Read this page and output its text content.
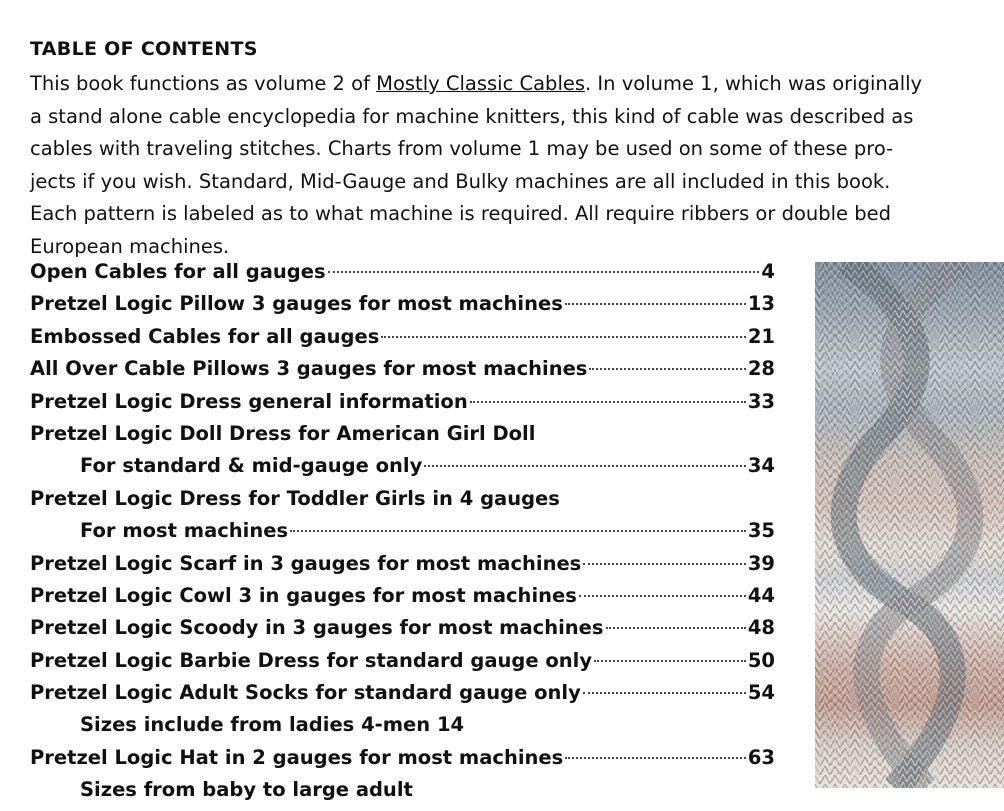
TABLE OF CONTENTS
This book functions as volume 2 of Mostly Classic Cables. In volume 1, which was originally
a stand alone cable encyclopedia for machine knitters, this kind of cable was described as
cables with traveling stitches. Charts from volume 1 may be used on some of these pro-
jects if you wish. Standard, Mid-Gauge and Bulky machines are all included in this book.
Each pattern is labeled as to what machine is required. All require ribbers or double bed
European machines.
Open Cables for all gauges	4
Pretzel Logic Pillow 3 gauges for most machines	13
Embossed Cables for all gauges	21
All Over Cable Pillows 3 gauges for most machines	28
Pretzel Logic Dress general information	33
Pretzel Logic Doll Dress for American Girl Doll
For standard & mid-gauge only	34
Pretzel Logic Dress for Toddler Girls in 4 gauges
For most machines	35
Pretzel Logic Scarf in 3 gauges for most machines	39
Pretzel Logic Cowl 3 in gauges for most machines	44
Pretzel Logic Scoody in 3 gauges for most machines	48
Pretzel Logic Barbie Dress for standard gauge only	50
Pretzel Logic Adult Socks for standard gauge only	54
Sizes include from ladies 4-men 14
Pretzel Logic Hat in 2 gauges for most machines	63
Sizes from baby to large adult
